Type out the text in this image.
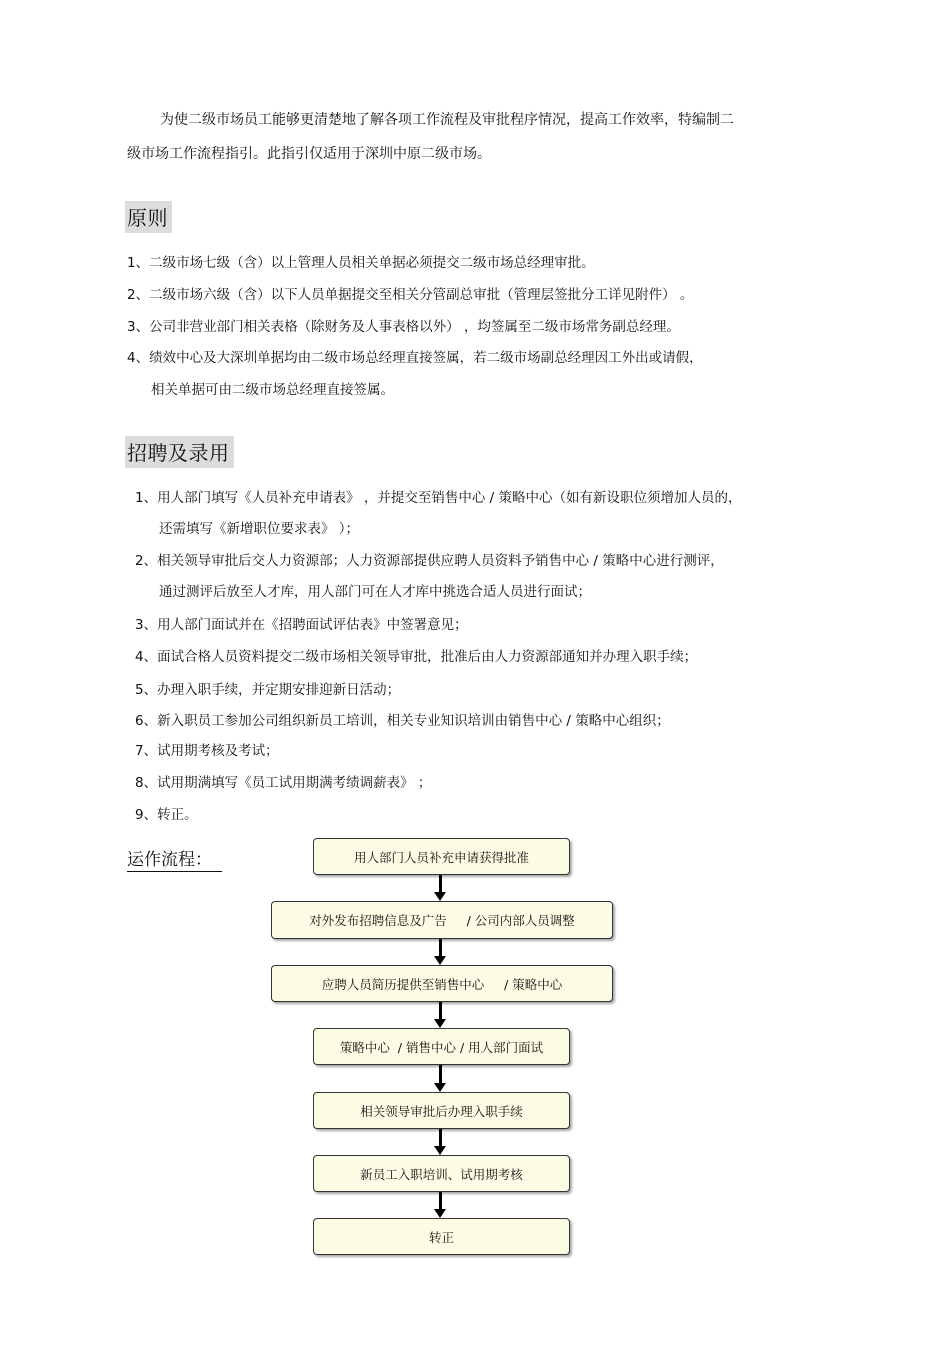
为使二级市场员工能够更清楚地了解各项工作流程及审批程序情况，提高工作效率，特编制二
级市场工作流程指引。此指引仅适用于深圳中原二级市场。
原则
1、二级市场七级（含）以上管理人员相关单据必须提交二级市场总经理审批。
2、二级市场六级（含）以下人员单据提交至相关分管副总审批（管理层签批分工详见附件） 。
3、公司非营业部门相关表格（除财务及人事表格以外） ，均签属至二级市场常务副总经理。
4、绩效中心及大深圳单据均由二级市场总经理直接签属，若二级市场副总经理因工外出或请假，
相关单据可由二级市场总经理直接签属。
招聘及录用
1、用人部门填写《人员补充申请表》 ，并提交至销售中心 / 策略中心（如有新设职位须增加人员的，
还需填写《新增职位要求表》 ）；
2、相关领导审批后交人力资源部；人力资源部提供应聘人员资料予销售中心 / 策略中心进行测评，
通过测评后放至人才库，用人部门可在人才库中挑选合适人员进行面试；
3、用人部门面试并在《招聘面试评估表》中签署意见；
4、面试合格人员资料提交二级市场相关领导审批，批准后由人力资源部通知并办理入职手续；
5、办理入职手续，并定期安排迎新日活动；
6、新入职员工参加公司组织新员工培训，相关专业知识培训由销售中心 / 策略中心组织；
7、试用期考核及考试；
8、试用期满填写《员工试用期满考绩调薪表》 ；
9、转正。
运作流程：	用人部门人员补充申请获得批准
对外发布招聘信息及广告     / 公司内部人员调整
应聘人员简历提供至销售中心     / 策略中心
策略中心  / 销售中心 / 用人部门面试
相关领导审批后办理入职手续
新员工入职培训、试用期考核
转正
